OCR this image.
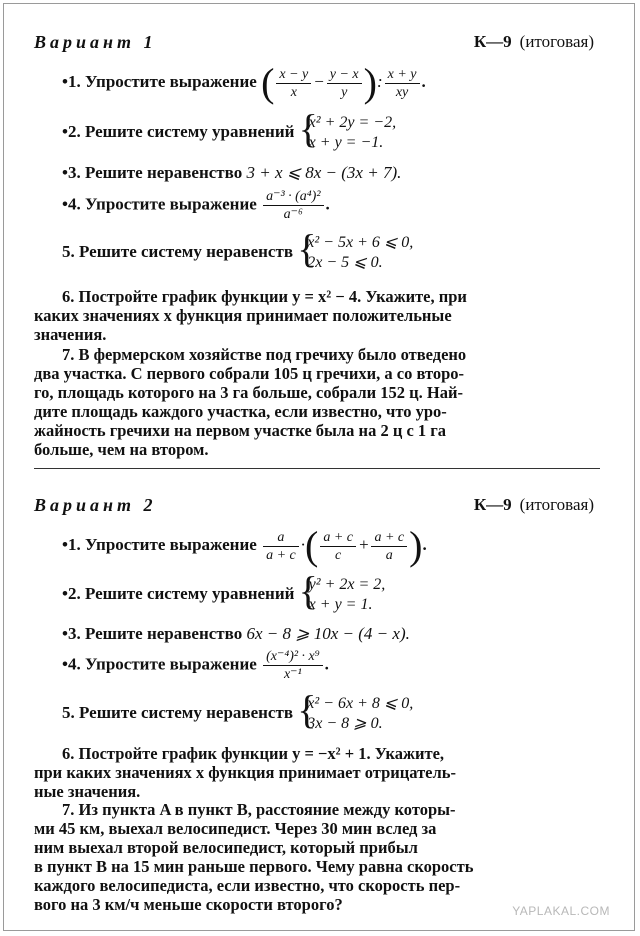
Вариант 1	К—9 (итоговая)
•1. Упростите выражение ( $\frac{x - y}{x} - \frac{y - x}{y}$ ): $\frac{x + y}{xy}$ .
•2. Решите систему уравнений {
x² + 2y = −2,
x + y = −1.
•3. Решите неравенство 3 + x ⩽ 8x − (3x + 7).
•4. Упростите выражение $\frac{\text{a⁻³ · (a⁴)²}}{\text{a⁻⁶}}$ .
5. Решите систему неравенств {
x² − 5x + 6 ⩽ 0,
2x − 5 ⩽ 0.
6. Постройте график функции y = x² − 4. Укажите, при
каких значениях x функция принимает положительные
значения.
7. В фермерском хозяйстве под гречиху было отведено
два участка. С первого собрали 105 ц гречихи, а со второ-
го, площадь которого на 3 га больше, собрали 152 ц. Най-
дите площадь каждого участка, если известно, что уро-
жайность гречихи на первом участке была на 2 ц с 1 га
больше, чем на втором.
Вариант 2	К—9 (итоговая)
•1. Упростите выражение $\frac{a}{a + c}$ ·( $\frac{a + c}{c} + \frac{a + c}{a}$ ).
•2. Решите систему уравнений {
y² + 2x = 2,
x + y = 1.
•3. Решите неравенство 6x − 8 ⩾ 10x − (4 − x).
•4. Упростите выражение $\frac{\text{(x⁻⁴)² · x⁹}}{\text{x⁻¹}}$ .
5. Решите систему неравенств {
x² − 6x + 8 ⩽ 0,
3x − 8 ⩾ 0.
6. Постройте график функции y = −x² + 1. Укажите,
при каких значениях x функция принимает отрицатель-
ные значения.
7. Из пункта A в пункт B, расстояние между которы-
ми 45 км, выехал велосипедист. Через 30 мин вслед за
ним выехал второй велосипедист, который прибыл
в пункт B на 15 мин раньше первого. Чему равна скорость
каждого велосипедиста, если известно, что скорость пер-
вого на 3 км/ч меньше скорости второго?	YAPLAKAL.COM
